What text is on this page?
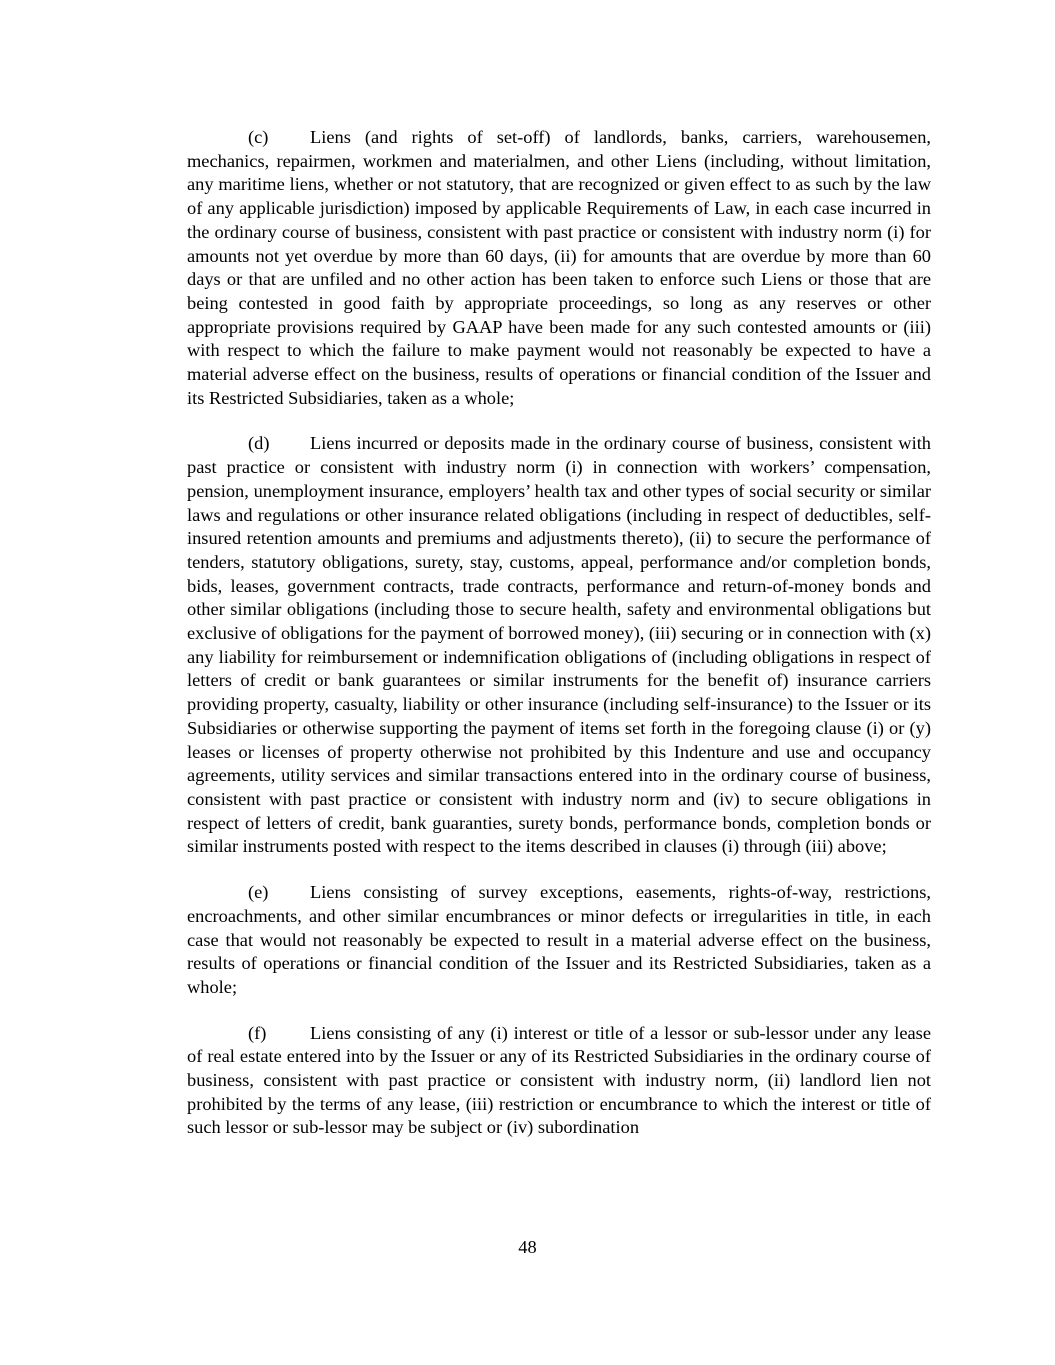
(c) Liens (and rights of set-off) of landlords, banks, carriers, warehousemen, mechanics, repairmen, workmen and materialmen, and other Liens (including, without limitation, any maritime liens, whether or not statutory, that are recognized or given effect to as such by the law of any applicable jurisdiction) imposed by applicable Requirements of Law, in each case incurred in the ordinary course of business, consistent with past practice or consistent with industry norm (i) for amounts not yet overdue by more than 60 days, (ii) for amounts that are overdue by more than 60 days or that are unfiled and no other action has been taken to enforce such Liens or those that are being contested in good faith by appropriate proceedings, so long as any reserves or other appropriate provisions required by GAAP have been made for any such contested amounts or (iii) with respect to which the failure to make payment would not reasonably be expected to have a material adverse effect on the business, results of operations or financial condition of the Issuer and its Restricted Subsidiaries, taken as a whole;

(d) Liens incurred or deposits made in the ordinary course of business, consistent with past practice or consistent with industry norm (i) in connection with workers’ compensation, pension, unemployment insurance, employers’ health tax and other types of social security or similar laws and regulations or other insurance related obligations (including in respect of deductibles, self-insured retention amounts and premiums and adjustments thereto), (ii) to secure the performance of tenders, statutory obligations, surety, stay, customs, appeal, performance and/or completion bonds, bids, leases, government contracts, trade contracts, performance and return-of-money bonds and other similar obligations (including those to secure health, safety and environmental obligations but exclusive of obligations for the payment of borrowed money), (iii) securing or in connection with (x) any liability for reimbursement or indemnification obligations of (including obligations in respect of letters of credit or bank guarantees or similar instruments for the benefit of) insurance carriers providing property, casualty, liability or other insurance (including self-insurance) to the Issuer or its Subsidiaries or otherwise supporting the payment of items set forth in the foregoing clause (i) or (y) leases or licenses of property otherwise not prohibited by this Indenture and use and occupancy agreements, utility services and similar transactions entered into in the ordinary course of business, consistent with past practice or consistent with industry norm and (iv) to secure obligations in respect of letters of credit, bank guaranties, surety bonds, performance bonds, completion bonds or similar instruments posted with respect to the items described in clauses (i) through (iii) above;

(e) Liens consisting of survey exceptions, easements, rights-of-way, restrictions, encroachments, and other similar encumbrances or minor defects or irregularities in title, in each case that would not reasonably be expected to result in a material adverse effect on the business, results of operations or financial condition of the Issuer and its Restricted Subsidiaries, taken as a whole;

(f) Liens consisting of any (i) interest or title of a lessor or sub-lessor under any lease of real estate entered into by the Issuer or any of its Restricted Subsidiaries in the ordinary course of business, consistent with past practice or consistent with industry norm, (ii) landlord lien not prohibited by the terms of any lease, (iii) restriction or encumbrance to which the interest or title of such lessor or sub-lessor may be subject or (iv) subordination

48
